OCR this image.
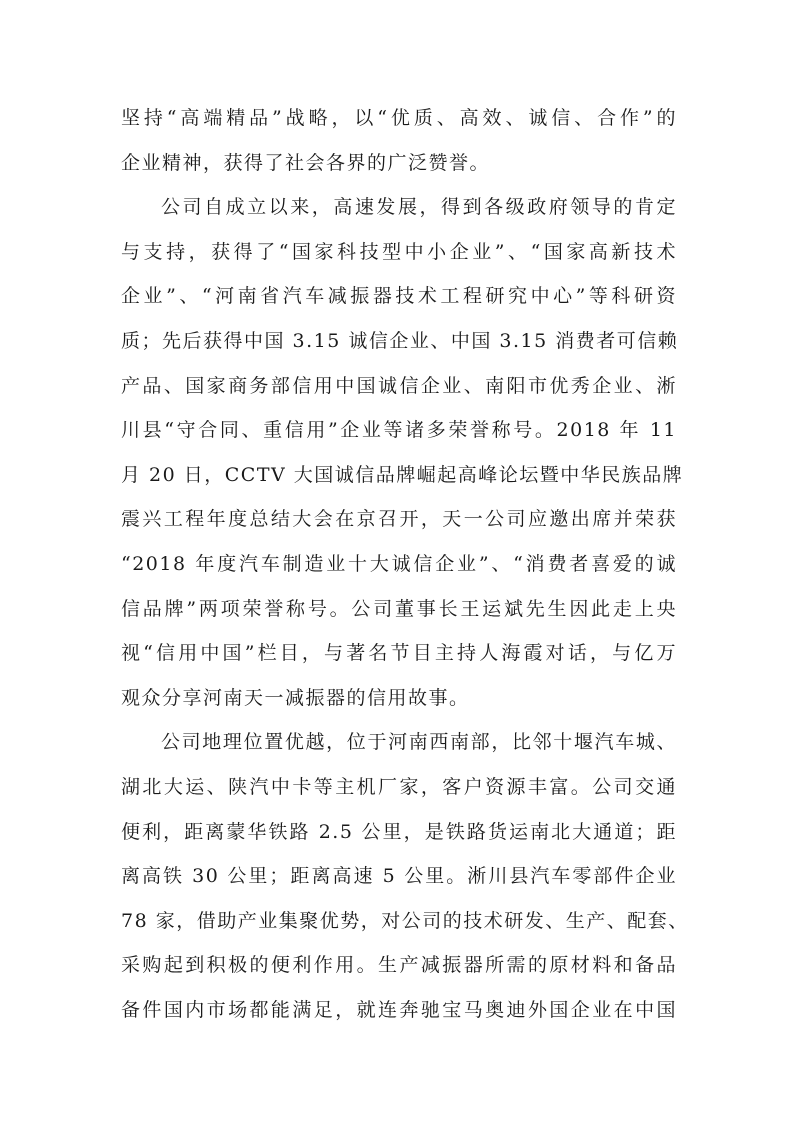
坚持“高端精品”战略，以“优质、高效、诚信、合作”的
企业精神，获得了社会各界的广泛赞誉。
公司自成立以来，高速发展，得到各级政府领导的肯定
与支持，获得了“国家科技型中小企业”、“国家高新技术
企业”、“河南省汽车减振器技术工程研究中心”等科研资
质；先后获得中国 3.15 诚信企业、中国 3.15 消费者可信赖
产品、国家商务部信用中国诚信企业、南阳市优秀企业、淅
川县“守合同、重信用”企业等诸多荣誉称号。2018 年 11
月 20 日，CCTV 大国诚信品牌崛起高峰论坛暨中华民族品牌
震兴工程年度总结大会在京召开，天一公司应邀出席并荣获
“2018 年度汽车制造业十大诚信企业”、“消费者喜爱的诚
信品牌”两项荣誉称号。公司董事长王运斌先生因此走上央
视“信用中国”栏目，与著名节目主持人海霞对话，与亿万
观众分享河南天一减振器的信用故事。
公司地理位置优越，位于河南西南部，比邻十堰汽车城、
湖北大运、陕汽中卡等主机厂家，客户资源丰富。公司交通
便利，距离蒙华铁路 2.5 公里，是铁路货运南北大通道；距
离高铁 30 公里；距离高速 5 公里。淅川县汽车零部件企业
78 家，借助产业集聚优势，对公司的技术研发、生产、配套、
采购起到积极的便利作用。生产减振器所需的原材料和备品
备件国内市场都能满足，就连奔驰宝马奥迪外国企业在中国
